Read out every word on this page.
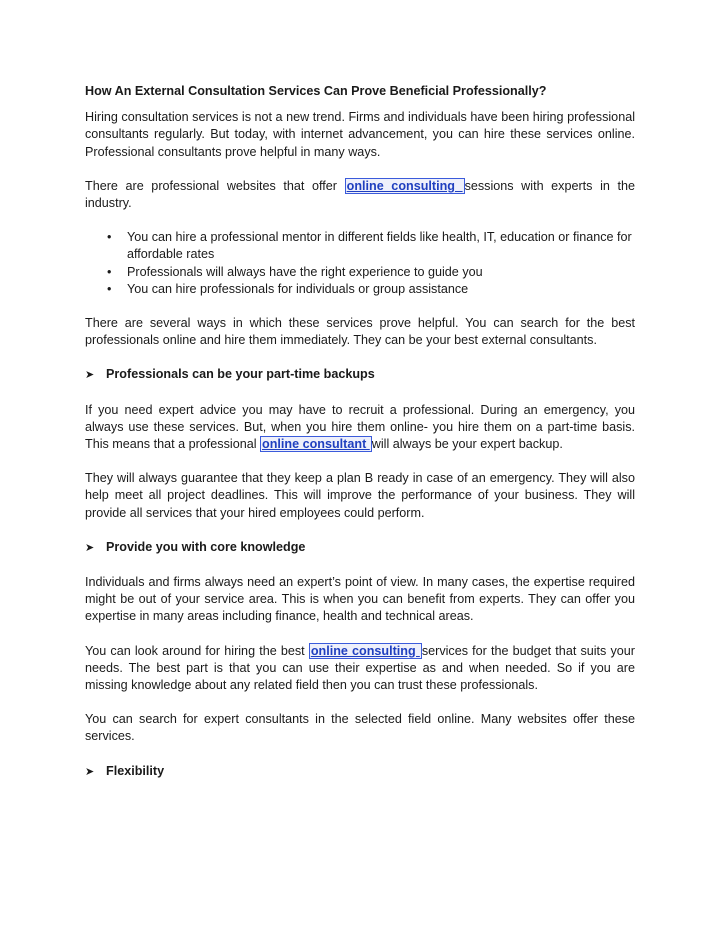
How An External Consultation Services Can Prove Beneficial Professionally?

Hiring consultation services is not a new trend. Firms and individuals have been hiring professional consultants regularly. But today, with internet advancement, you can hire these services online. Professional consultants prove helpful in many ways.

There are professional websites that offer online consulting sessions with experts in the industry.

• You can hire a professional mentor in different fields like health, IT, education or finance for affordable rates
• Professionals will always have the right experience to guide you
• You can hire professionals for individuals or group assistance

There are several ways in which these services prove helpful. You can search for the best professionals online and hire them immediately. They can be your best external consultants.

➤ Professionals can be your part-time backups

If you need expert advice you may have to recruit a professional. During an emergency, you always use these services. But, when you hire them online- you hire them on a part-time basis. This means that a professional online consultant will always be your expert backup.

They will always guarantee that they keep a plan B ready in case of an emergency. They will also help meet all project deadlines. This will improve the performance of your business. They will provide all services that your hired employees could perform.

➤ Provide you with core knowledge

Individuals and firms always need an expert’s point of view. In many cases, the expertise required might be out of your service area. This is when you can benefit from experts. They can offer you expertise in many areas including finance, health and technical areas.

You can look around for hiring the best online consulting services for the budget that suits your needs. The best part is that you can use their expertise as and when needed. So if you are missing knowledge about any related field then you can trust these professionals.

You can search for expert consultants in the selected field online. Many websites offer these services.

➤ Flexibility
